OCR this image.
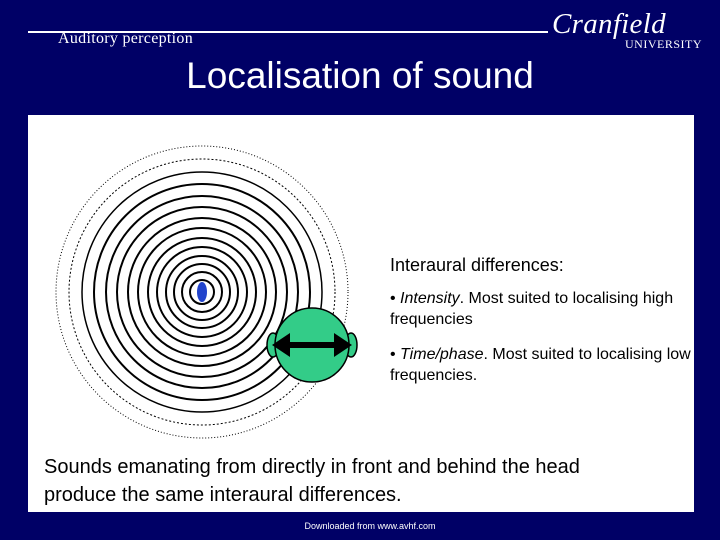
Auditory perception	Cranfield
UNIVERSITY
Localisation of sound
Interaural differences:
• Intensity. Most suited to localising high frequencies
• Time/phase. Most suited to localising low frequencies.
Sounds emanating from directly in front and behind the head produce the same interaural differences.
Downloaded from www.avhf.com
